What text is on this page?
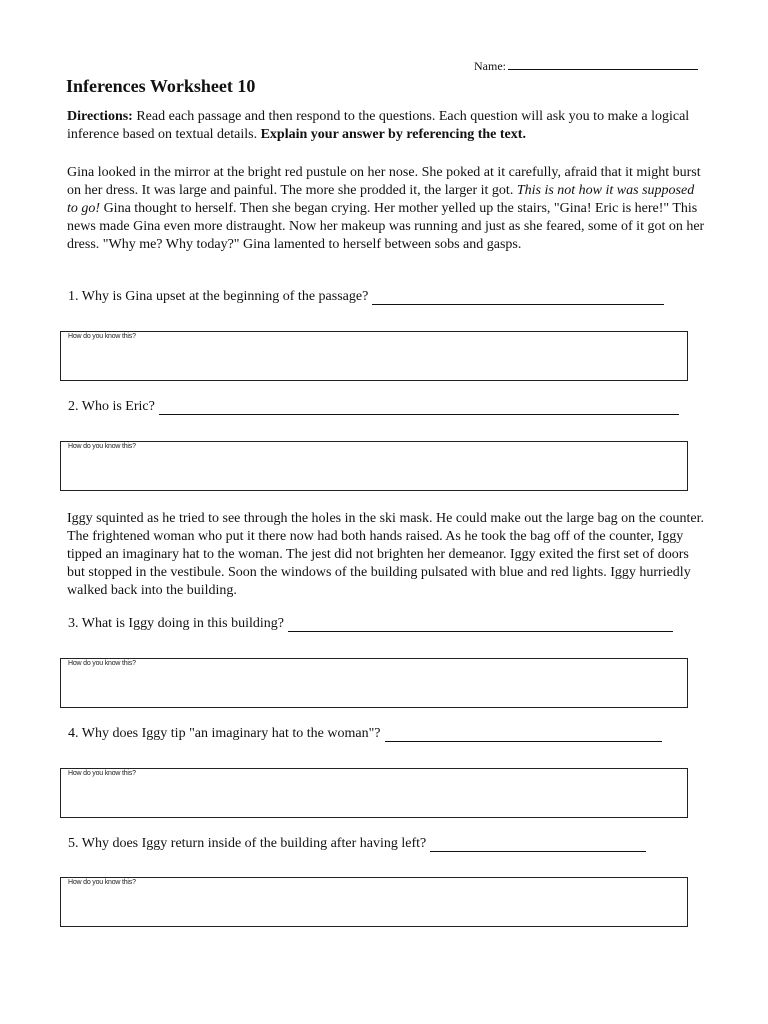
Name:
Inferences Worksheet 10

Directions: Read each passage and then respond to the questions. Each question will ask you to make a logical inference based on textual details. Explain your answer by referencing the text.

Gina looked in the mirror at the bright red pustule on her nose. She poked at it carefully, afraid that it might burst on her dress. It was large and painful. The more she prodded it, the larger it got. This is not how it was supposed to go! Gina thought to herself. Then she began crying. Her mother yelled up the stairs, "Gina! Eric is here!" This news made Gina even more distraught. Now her makeup was running and just as she feared, some of it got on her dress. "Why me? Why today?" Gina lamented to herself between sobs and gasps.

1. Why is Gina upset at the beginning of the passage?
How do you know this?
2. Who is Eric?
How do you know this?

Iggy squinted as he tried to see through the holes in the ski mask. He could make out the large bag on the counter. The frightened woman who put it there now had both hands raised. As he took the bag off of the counter, Iggy tipped an imaginary hat to the woman. The jest did not brighten her demeanor. Iggy exited the first set of doors but stopped in the vestibule. Soon the windows of the building pulsated with blue and red lights. Iggy hurriedly walked back into the building.

3. What is Iggy doing in this building?
How do you know this?
4. Why does Iggy tip "an imaginary hat to the woman"?
How do you know this?
5. Why does Iggy return inside of the building after having left?
How do you know this?
